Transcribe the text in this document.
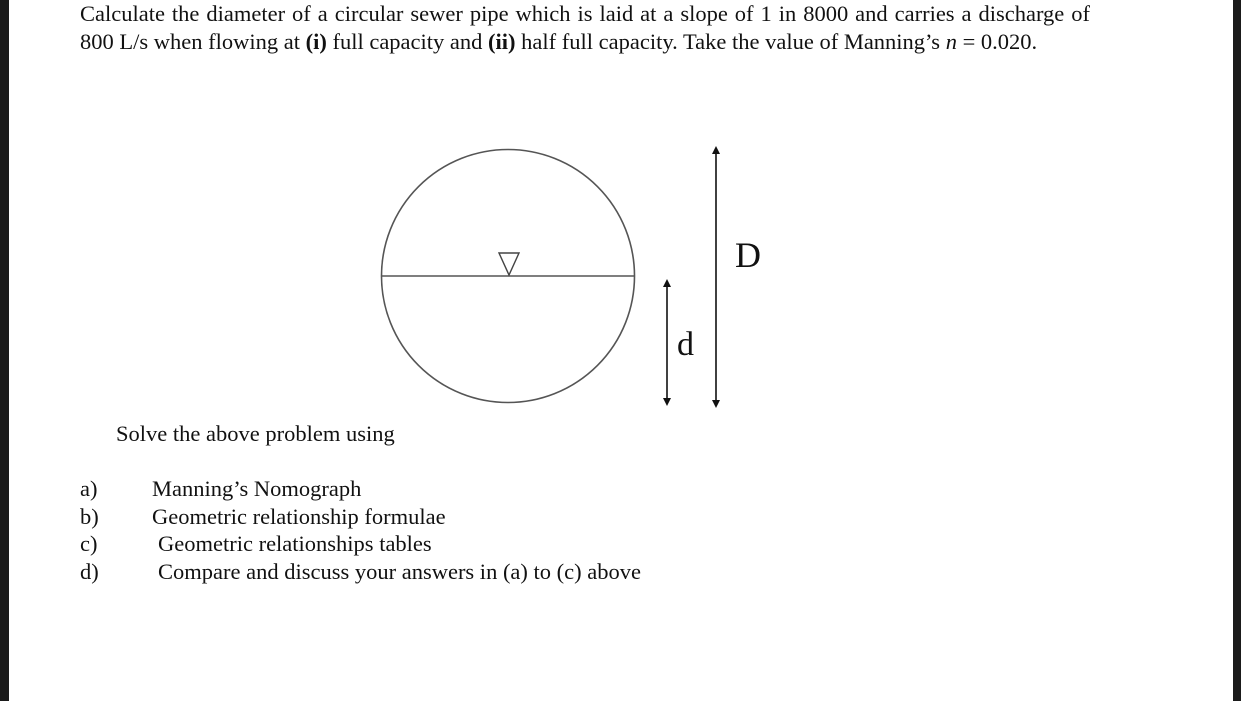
Calculate the diameter of a circular sewer pipe which is laid at a slope of 1 in 8000 and carries a discharge of 800 L/s when flowing at (i) full capacity and (ii) half full capacity. Take the value of Manning’s n = 0.020.

D
d

Solve the above problem using

a) Manning’s Nomograph
b) Geometric relationship formulae
c)	Geometric relationships tables
d)	Compare and discuss your answers in (a) to (c) above
